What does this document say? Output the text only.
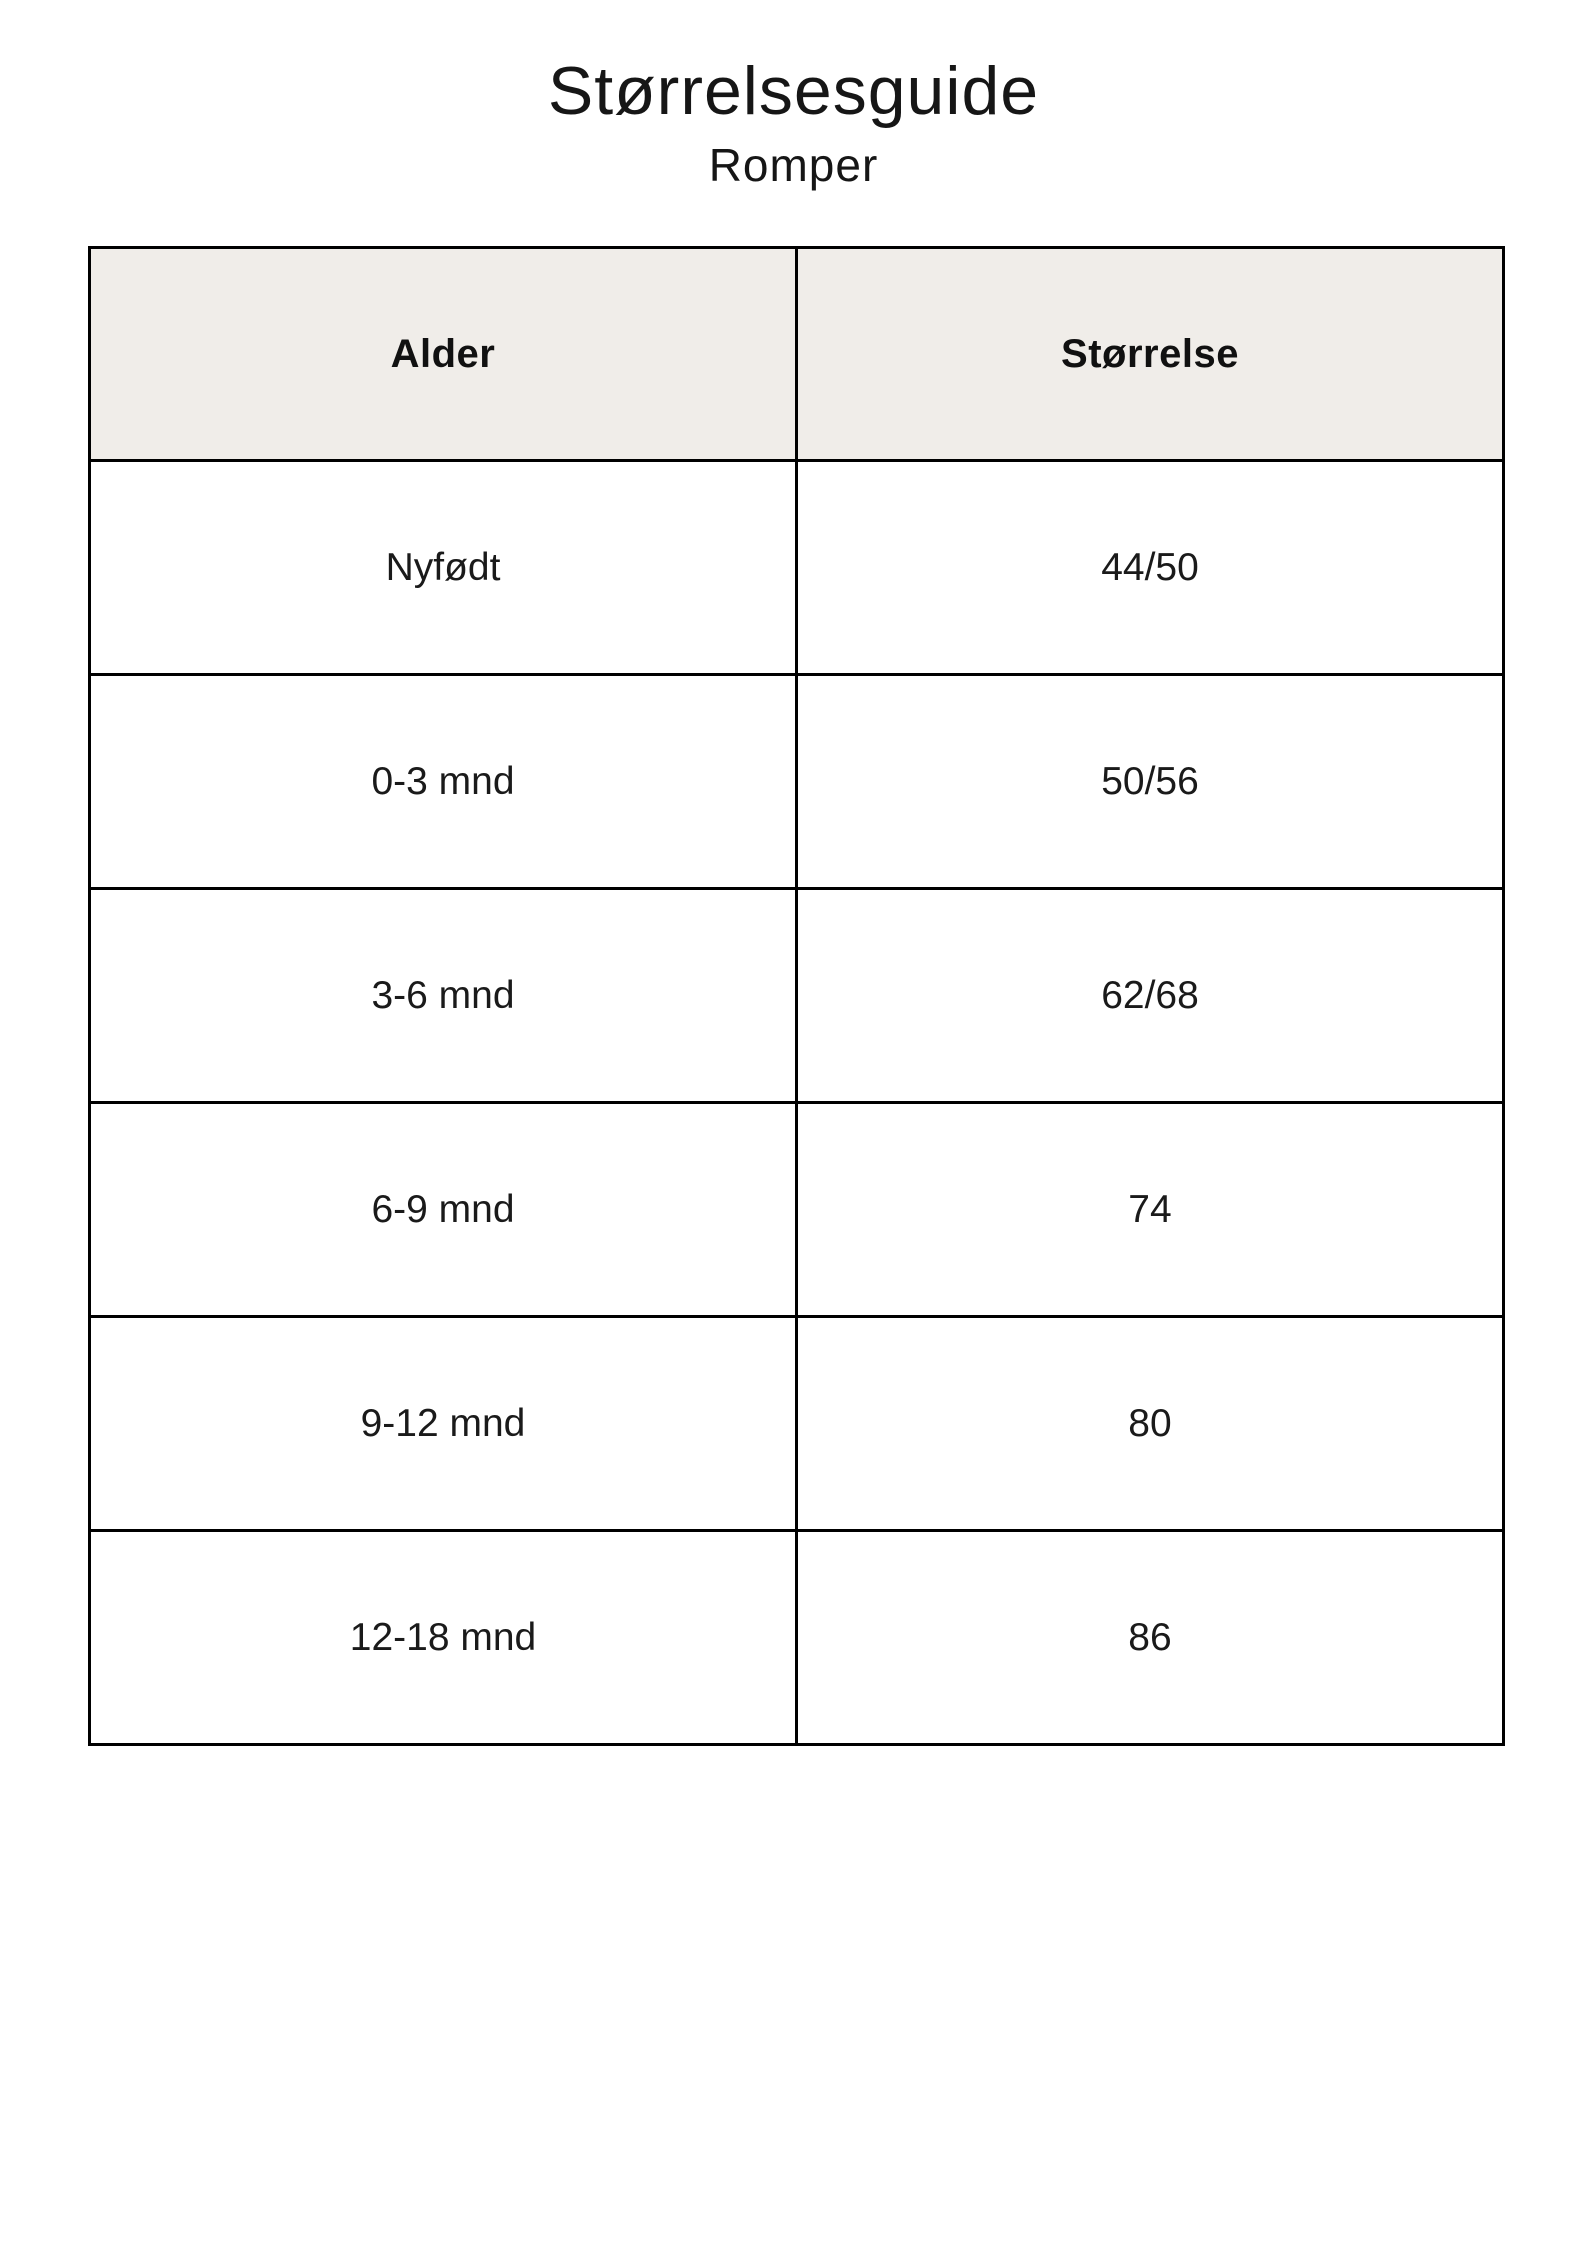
Størrelsesguide
Romper
Alder	Størrelse
Nyfødt	44/50
0-3 mnd	50/56
3-6 mnd	62/68
6-9 mnd	74
9-12 mnd	80
12-18 mnd	86
